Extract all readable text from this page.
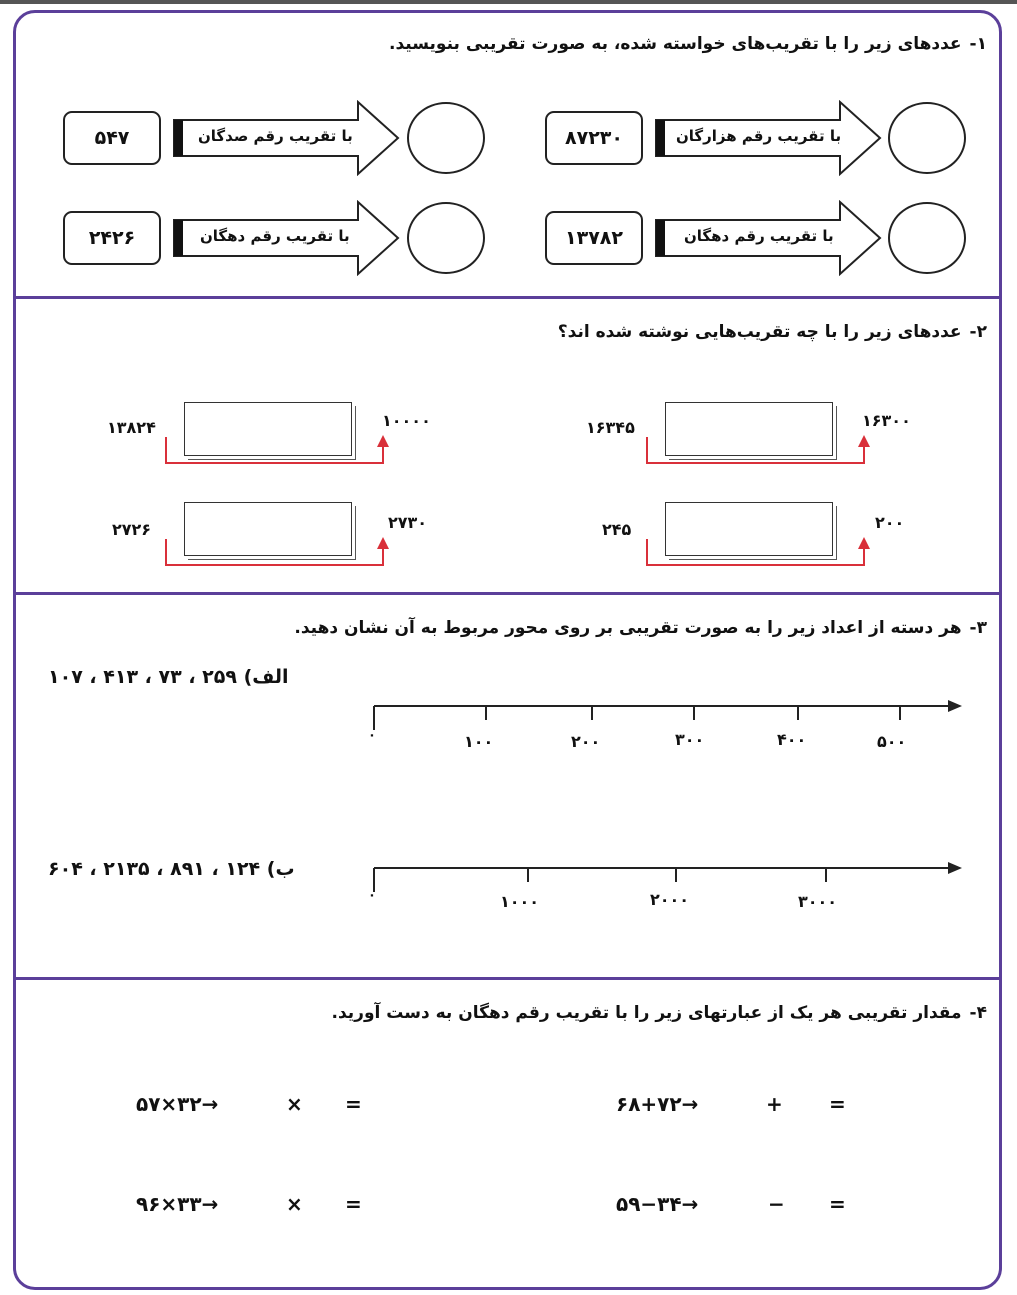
۱-عددهای زیر را با تقریب‌های خواسته شده، به صورت تقریبی بنویسید.
۸۷۲۳۰	با تقریب رقم هزارگان
۵۴۷	با تقریب رقم صدگان
۱۳۷۸۲	با تقریب رقم دهگان
۲۴۲۶	با تقریب رقم دهگان
۲-عددهای زیر را با چه تقریب‌هایی نوشته شده اند؟
۱۶۳۴۵	۱۶۳۰۰
۱۳۸۲۴	۱۰۰۰۰
۲۴۵	۲۰۰
۲۷۲۶	۲۷۳۰
۳-هر دسته از اعداد زیر را به صورت تقریبی بر روی محور مربوط به آن نشان دهید.
الف) ۲۵۹ ، ۷۳ ، ۴۱۳ ، ۱۰۷
۰	۱۰۰	۲۰۰	۳۰۰	۴۰۰	۵۰۰
ب) ۱۲۴ ، ۸۹۱ ، ۲۱۳۵ ، ۶۰۴
۰	۱۰۰۰	۲۰۰۰	۳۰۰۰
۴-مقدار تقریبی هر یک از عبارتهای زیر را با تقریب رقم دهگان به دست آورید.
۶۸+۷۲→	+ =
۵۷×۳۲→	× =
۵۹−۳۴→	− =
۹۶×۳۳→	× =
